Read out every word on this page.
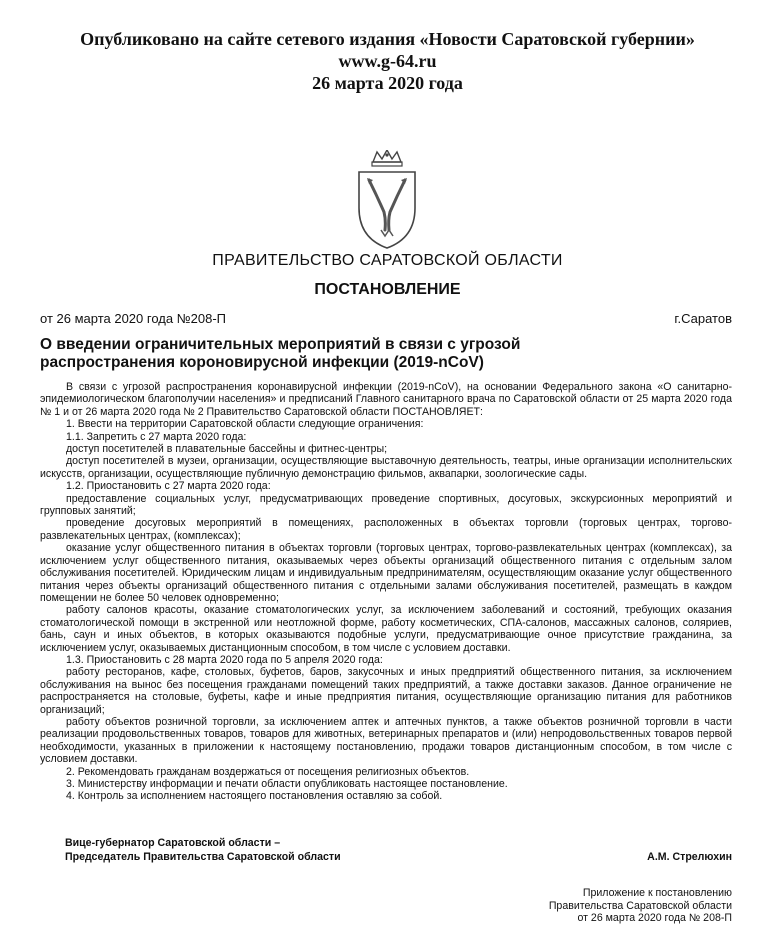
Опубликовано на сайте сетевого издания «Новости Саратовской губернии»
www.g-64.ru
26 марта 2020 года
ПРАВИТЕЛЬСТВО САРАТОВСКОЙ ОБЛАСТИ
ПОСТАНОВЛЕНИЕ
от 26 марта 2020 года №208-П	г.Саратов
О введении ограничительных мероприятий в связи с угрозой
распространения короновирусной инфекции (2019-nCoV)

В связи с угрозой распространения коронавирусной инфекции (2019-nCoV), на основании Федерального закона «О санитарно-эпидемиологическом благополучии населения» и предписаний Главного санитарного врача по Саратовской области от 25 марта 2020 года № 1 и от 26 марта 2020 года № 2 Правительство Саратовской области ПОСТАНОВЛЯЕТ:

1. Ввести на территории Саратовской области следующие ограничения:

1.1. Запретить с 27 марта 2020 года:

доступ посетителей в плавательные бассейны и фитнес-центры;

доступ посетителей в музеи, организации, осуществляющие выставочную деятельность, театры, иные организации исполнительских искусств, организации, осуществляющие публичную демонстрацию фильмов, аквапарки, зоологические сады.

1.2. Приостановить с 27 марта 2020 года:

предоставление социальных услуг, предусматривающих проведение спортивных, досуговых, экскурсионных мероприятий и групповых занятий;

проведение досуговых мероприятий в помещениях, расположенных в объектах торговли (торговых центрах, торгово-развлекательных центрах, (комплексах);

оказание услуг общественного питания в объектах торговли (торговых центрах, торгово-развлекательных центрах (комплексах), за исключением услуг общественного питания, оказываемых через объекты организаций общественного питания с отдельным залом обслуживания посетителей. Юридическим лицам и индивидуальным предпринимателям, осуществляющим оказание услуг общественного питания через объекты организаций общественного питания с отдельными залами обслуживания посетителей, размещать в каждом помещении не более 50 человек одновременно;

работу салонов красоты, оказание стоматологических услуг, за исключением заболеваний и состояний, требующих оказания стоматологической помощи в экстренной или неотложной форме, работу косметических, СПА-салонов, массажных салонов, соляриев, бань, саун и иных объектов, в которых оказываются подобные услуги, предусматривающие очное присутствие гражданина, за исключением услуг, оказываемых дистанционным способом, в том числе с условием доставки.

1.3. Приостановить с 28 марта 2020 года по 5 апреля 2020 года:

работу ресторанов, кафе, столовых, буфетов, баров, закусочных и иных предприятий общественного питания, за исключением обслуживания на вынос без посещения гражданами помещений таких предприятий, а также доставки заказов. Данное ограничение не распространяется на столовые, буфеты, кафе и иные предприятия питания, осуществляющие организацию питания для работников организаций;

работу объектов розничной торговли, за исключением аптек и аптечных пунктов, а также объектов розничной торговли в части реализации продовольственных товаров, товаров для животных, ветеринарных препаратов и (или) непродовольственных товаров первой необходимости, указанных в приложении к настоящему постановлению, продажи товаров дистанционным способом, в том числе с условием доставки.

2. Рекомендовать гражданам воздержаться от посещения религиозных объектов.

3. Министерству информации и печати области опубликовать настоящее постановление.

4. Контроль за исполнением настоящего постановления оставляю за собой.

Вице-губернатор Саратовской области –
Председатель Правительства Саратовской области	А.М. Стрелюхин
Приложение к постановлению
Правительства Саратовской области
от 26 марта 2020 года № 208-П
